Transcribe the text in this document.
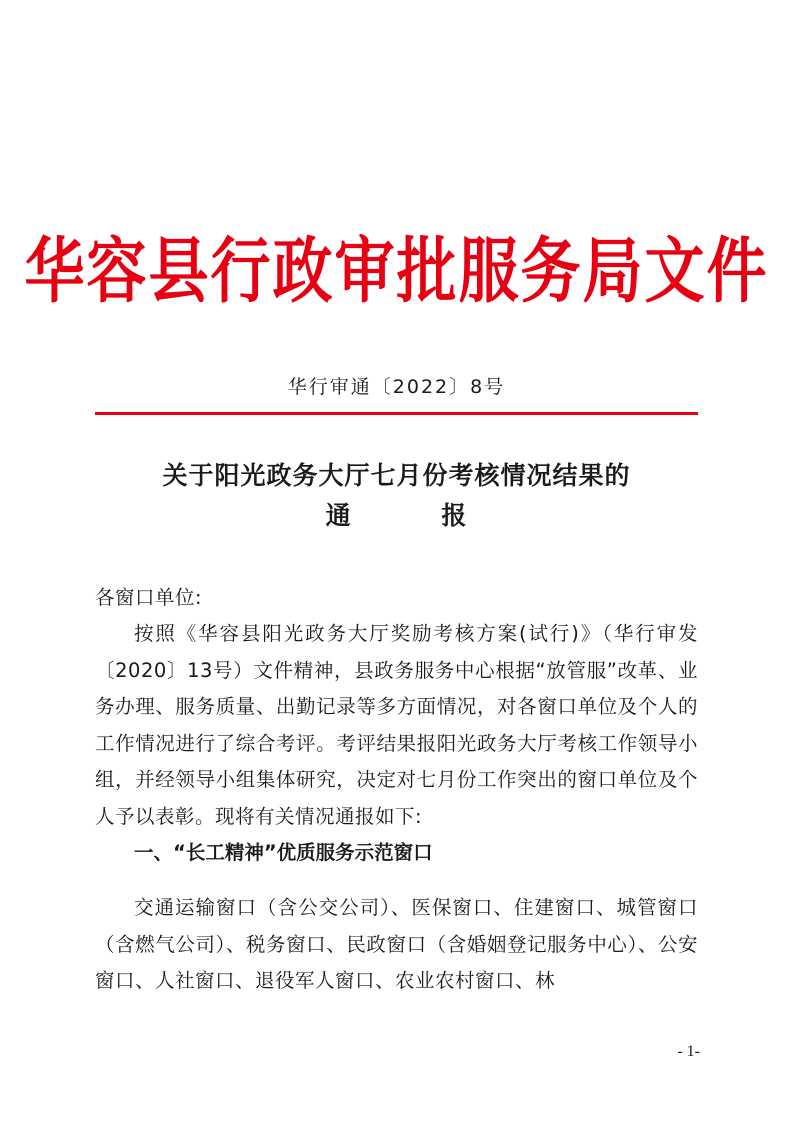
华容县行政审批服务局文件
华行审通〔2022〕8号
关于阳光政务大厅七月份考核情况结果的
通 报
各窗口单位:
按照《华容县阳光政务大厅奖励考核方案(试行)》（华行审发〔2020〕13号）文件精神，县政务服务中心根据“放管服”改革、业务办理、服务质量、出勤记录等多方面情况，对各窗口单位及个人的工作情况进行了综合考评。考评结果报阳光政务大厅考核工作领导小组，并经领导小组集体研究，决定对七月份工作突出的窗口单位及个人予以表彰。现将有关情况通报如下:
一、“长工精神”优质服务示范窗口
交通运输窗口（含公交公司）、医保窗口、住建窗口、城管窗口（含燃气公司）、税务窗口、民政窗口（含婚姻登记服务中心）、公安窗口、人社窗口、退役军人窗口、农业农村窗口、林
- 1-
